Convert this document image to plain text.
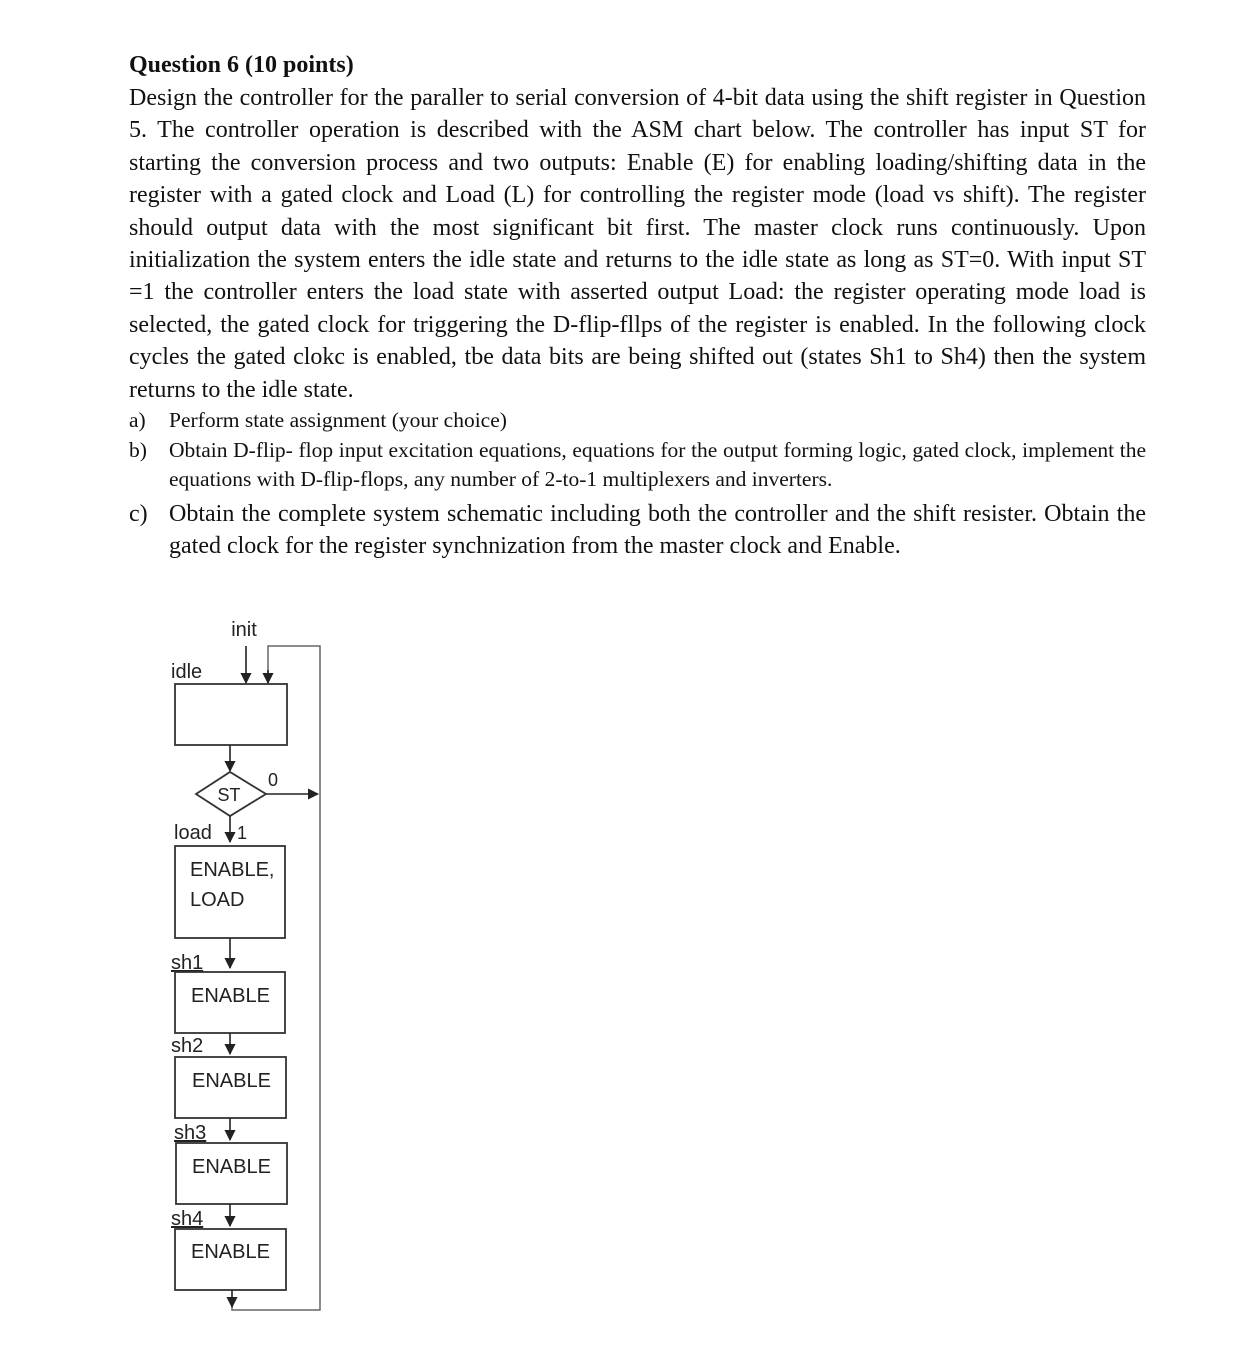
Question 6 (10 points)

Design the controller for the paraller to serial conversion of 4-bit data using the shift register in Question 5. The controller operation is described with the ASM chart below. The controller has input ST for starting the conversion process and two outputs: Enable (E) for enabling loading/shifting data in the register with a gated clock and Load (L) for controlling the register mode (load vs shift). The register should output data with the most significant bit first. The master clock runs continuously. Upon initialization the system enters the idle state and returns to the idle state as long as ST=0. With input ST =1 the controller enters the load state with asserted output Load: the register operating mode load is selected, the gated clock for triggering the D-flip-fllps of the register is enabled. In the following clock cycles the gated clokc is enabled, tbe data bits are being shifted out (states Sh1 to Sh4) then the system returns to the idle state.

a) Perform state assignment (your choice)
b) Obtain D-flip- flop input excitation equations, equations for the output forming logic, gated clock, implement the equations with D-flip-flops, any number of 2-to-1 multiplexers and inverters.
c) Obtain the complete system schematic including both the controller and the shift resister. Obtain the gated clock for the register synchnization from the master clock and Enable.
init
idle
ST
0
load 1
ENABLE,
LOAD
sh1
ENABLE
sh2
ENABLE
sh3
ENABLE
sh4
ENABLE
